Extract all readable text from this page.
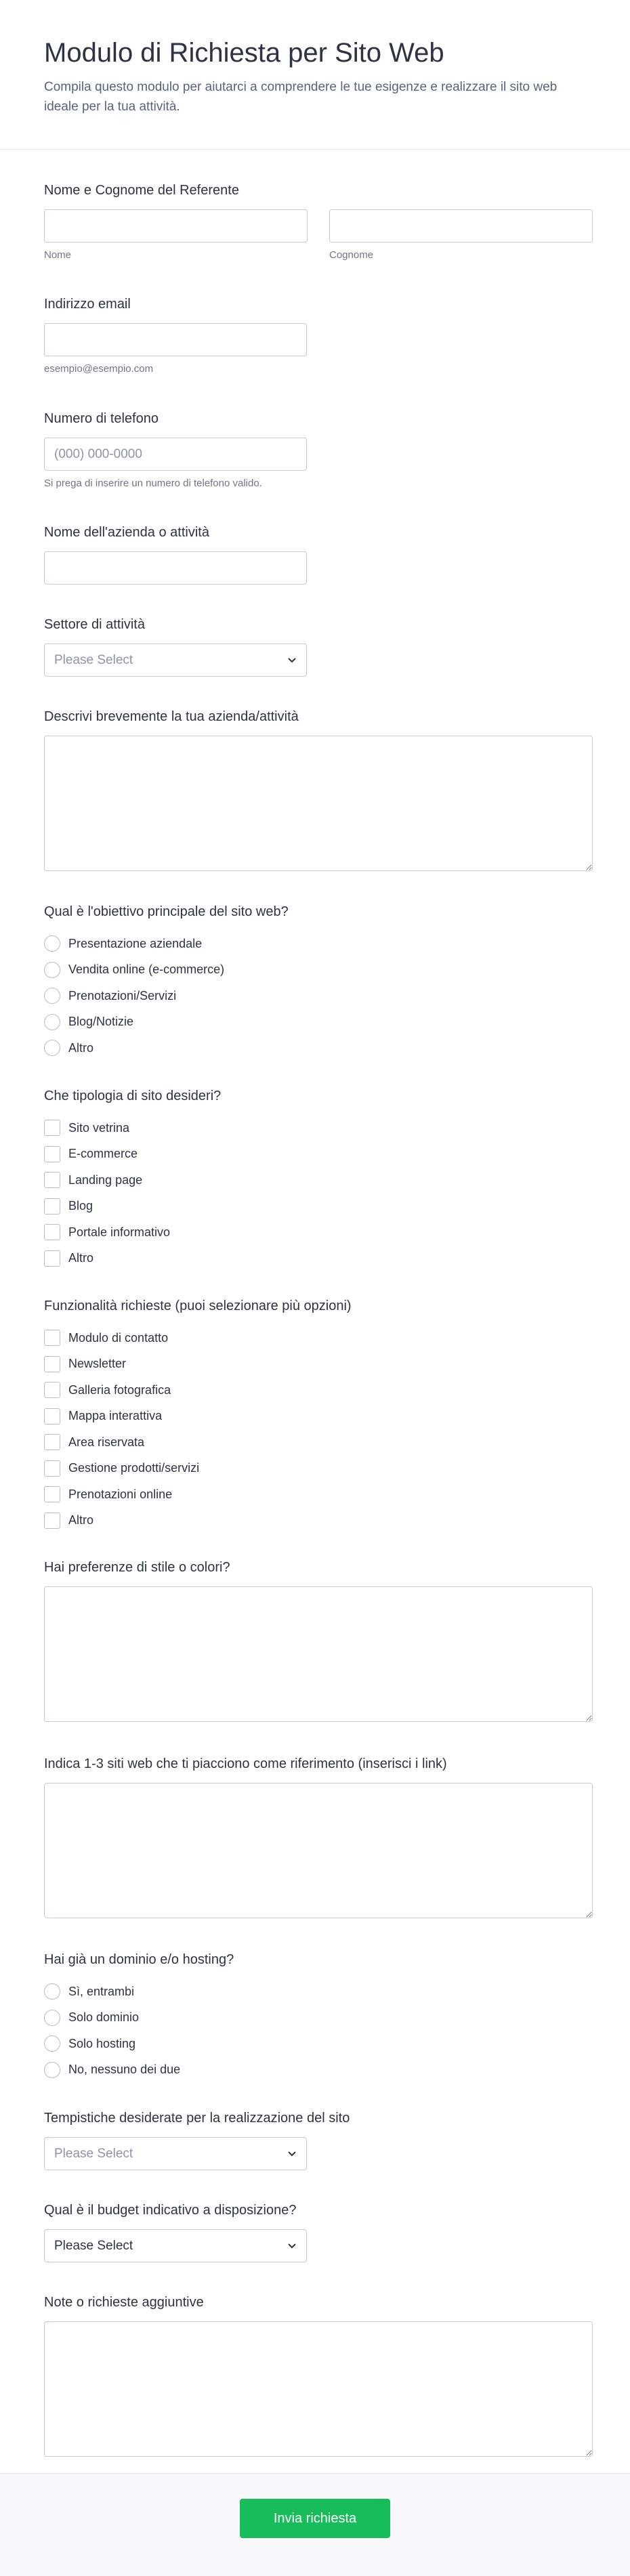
Modulo di Richiesta per Sito Web

Compila questo modulo per aiutarci a comprendere le tue esigenze e realizzare il sito web ideale per la tua attività.

Nome e Cognome del Referente
Nome	Cognome
Indirizzo email
esempio@esempio.com
Numero di telefono
(000) 000-0000
Si prega di inserire un numero di telefono valido.
Nome dell'azienda o attività
Settore di attività
Please Select
Descrivi brevemente la tua azienda/attività
Qual è l'obiettivo principale del sito web?
Presentazione aziendale
Vendita online (e-commerce)
Prenotazioni/Servizi
Blog/Notizie
Altro
Che tipologia di sito desideri?
Sito vetrina
E-commerce
Landing page
Blog
Portale informativo
Altro
Funzionalità richieste (puoi selezionare più opzioni)
Modulo di contatto
Newsletter
Galleria fotografica
Mappa interattiva
Area riservata
Gestione prodotti/servizi
Prenotazioni online
Altro
Hai preferenze di stile o colori?
Indica 1-3 siti web che ti piacciono come riferimento (inserisci i link)
Hai già un dominio e/o hosting?
Sì, entrambi
Solo dominio
Solo hosting
No, nessuno dei due
Tempistiche desiderate per la realizzazione del sito
Please Select
Qual è il budget indicativo a disposizione?
Please Select
Note o richieste aggiuntive
Invia richiesta
